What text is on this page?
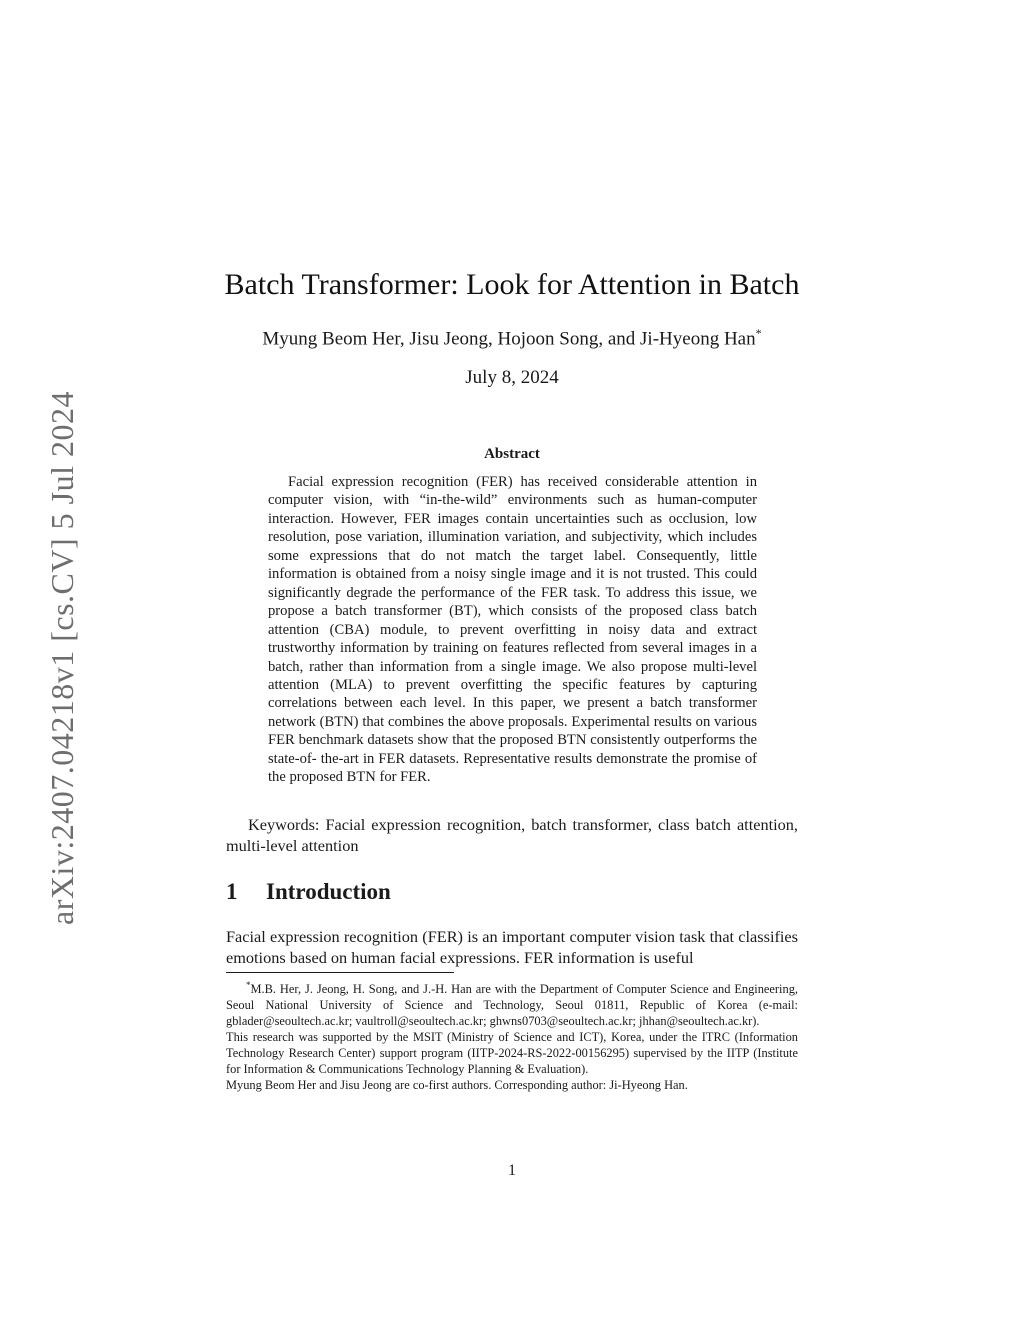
arXiv:2407.04218v1 [cs.CV] 5 Jul 2024
Batch Transformer: Look for Attention in Batch
Myung Beom Her, Jisu Jeong, Hojoon Song, and Ji-Hyeong Han*
July 8, 2024
Abstract

Facial expression recognition (FER) has received considerable attention in computer vision, with “in-the-wild” environments such as human-computer interaction. However, FER images contain uncertainties such as occlusion, low resolution, pose variation, illumination variation, and subjectivity, which includes some expressions that do not match the target label. Consequently, little information is obtained from a noisy single image and it is not trusted. This could significantly degrade the performance of the FER task. To address this issue, we propose a batch transformer (BT), which consists of the proposed class batch attention (CBA) module, to prevent overfitting in noisy data and extract trustworthy information by training on features reflected from several images in a batch, rather than information from a single image. We also propose multi-level attention (MLA) to prevent overfitting the specific features by capturing correlations between each level. In this paper, we present a batch transformer network (BTN) that combines the above proposals. Experimental results on various FER benchmark datasets show that the proposed BTN consistently outperforms the state-of- the-art in FER datasets. Representative results demonstrate the promise of the proposed BTN for FER.

Keywords: Facial expression recognition, batch transformer, class batch attention, multi-level attention

1 Introduction

Facial expression recognition (FER) is an important computer vision task that classifies emotions based on human facial expressions. FER information is useful

*M.B. Her, J. Jeong, H. Song, and J.-H. Han are with the Department of Computer Science and Engineering, Seoul National University of Science and Technology, Seoul 01811, Republic of Korea (e-mail: gblader@seoultech.ac.kr; vaultroll@seoultech.ac.kr; ghwns0703@seoultech.ac.kr; jhhan@seoultech.ac.kr).

This research was supported by the MSIT (Ministry of Science and ICT), Korea, under the ITRC (Information Technology Research Center) support program (IITP-2024-RS-2022-00156295) supervised by the IITP (Institute for Information & Communications Technology Planning & Evaluation).

Myung Beom Her and Jisu Jeong are co-first authors. Corresponding author: Ji-Hyeong Han.

1
